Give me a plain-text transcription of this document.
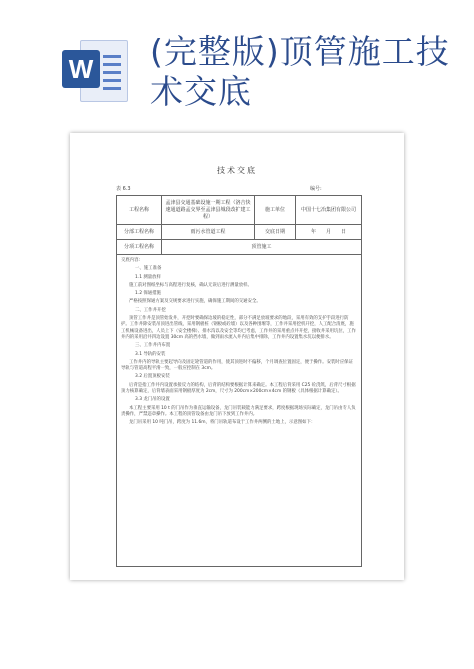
W (完整版)顶管施工技术交底
技术交底
表 6.3	编号:
工程名称	孟津县交通基础设施一期工程（洛吉快速通道路孟交界至孟津县城段改扩建工程）	施工单位	中国十七冶集团有限公司
分部工程名称	雨污水管道工程	交底日期	年　　月　　日
分项工程名称	顶管施工		

交底内容:

一、施工准备

1.1 测量放样

施工前对图纸坐标与高程进行复核，确认无误后进行测量放样。

1.2 保通措施

严格按照保通方案及交规要求进行实施，确保施工期间的交通安全。

二、工作井开挖

顶管工作井是顶管始发井，开挖时要确保边坡的稳定性，部分不满足放坡要求的地段，采用有效的支护手段进行防护。工作井除安装吊顶进出管线，采用钢板桩（钢板或砼墙）以及各种围堰等，工作井采用挖机开挖，人工配合清底，施工机械设备进出，人员上下（安全楼梯）、排水沟以及安全等均已考虑，工作井的采用重点井开挖，接收井采用坑位，工作井内的采用沿井四边设置 30cm 高的挡水墙，做到雨水流入井内后集中排除，工作井内设置集水坑以便排水。

三、工作井内布置

3.1 导轨的安装

工作井内的导轨主要起导向及固定轮管道的作用，使其顶进时不偏移，个月调查位置固定，便于操作。安装时应保证导轨与管道高程平滑一致，一般应控制在 3cm。

3.2 后置顶板安装

后背是指工作井内设置承接反力的结构，后背的结构要根据计算来确定。本工程后背采用 C25 砼浇筑，后背尺寸根据顶力核算确定，后背墙表面采用钢板厚度为 2cm，尺寸为 200cm×200cm×4cm 的钢板（具体根据计算确定）。

3.3 龙门吊的设置

本工程主要采用 10 t 的门吊作为垂直运输设备，龙门吊装载能力满足要求，跨度根据现场实际确定，龙门吊由专人负责操作，严禁违章操作。本工程的顶管设备由龙门吊下放到工作井内。

龙门吊采用 10 吨门吊，跨度为 11.6m，将门吊轨道布设于工作井两侧的土地上，示意图如下：
